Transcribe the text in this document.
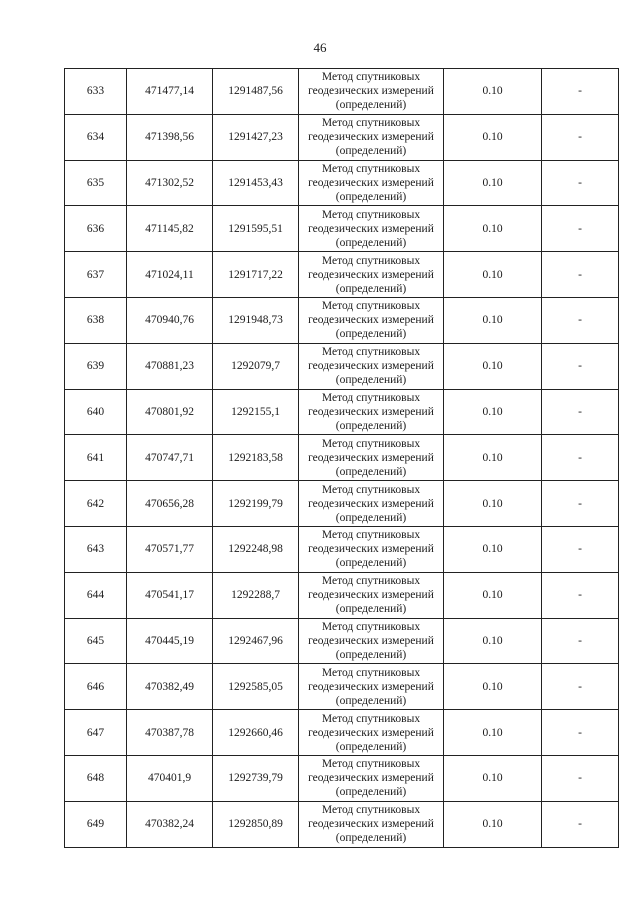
46
633	471477,14	1291487,56	Метод спутниковых
геодезических измерений
(определений)	0.10	-
634	471398,56	1291427,23	Метод спутниковых
геодезических измерений
(определений)	0.10	-
635	471302,52	1291453,43	Метод спутниковых
геодезических измерений
(определений)	0.10	-
636	471145,82	1291595,51	Метод спутниковых
геодезических измерений
(определений)	0.10	-
637	471024,11	1291717,22	Метод спутниковых
геодезических измерений
(определений)	0.10	-
638	470940,76	1291948,73	Метод спутниковых
геодезических измерений
(определений)	0.10	-
639	470881,23	1292079,7	Метод спутниковых
геодезических измерений
(определений)	0.10	-
640	470801,92	1292155,1	Метод спутниковых
геодезических измерений
(определений)	0.10	-
641	470747,71	1292183,58	Метод спутниковых
геодезических измерений
(определений)	0.10	-
642	470656,28	1292199,79	Метод спутниковых
геодезических измерений
(определений)	0.10	-
643	470571,77	1292248,98	Метод спутниковых
геодезических измерений
(определений)	0.10	-
644	470541,17	1292288,7	Метод спутниковых
геодезических измерений
(определений)	0.10	-
645	470445,19	1292467,96	Метод спутниковых
геодезических измерений
(определений)	0.10	-
646	470382,49	1292585,05	Метод спутниковых
геодезических измерений
(определений)	0.10	-
647	470387,78	1292660,46	Метод спутниковых
геодезических измерений
(определений)	0.10	-
648	470401,9	1292739,79	Метод спутниковых
геодезических измерений
(определений)	0.10	-
649	470382,24	1292850,89	Метод спутниковых
геодезических измерений
(определений)	0.10	-
